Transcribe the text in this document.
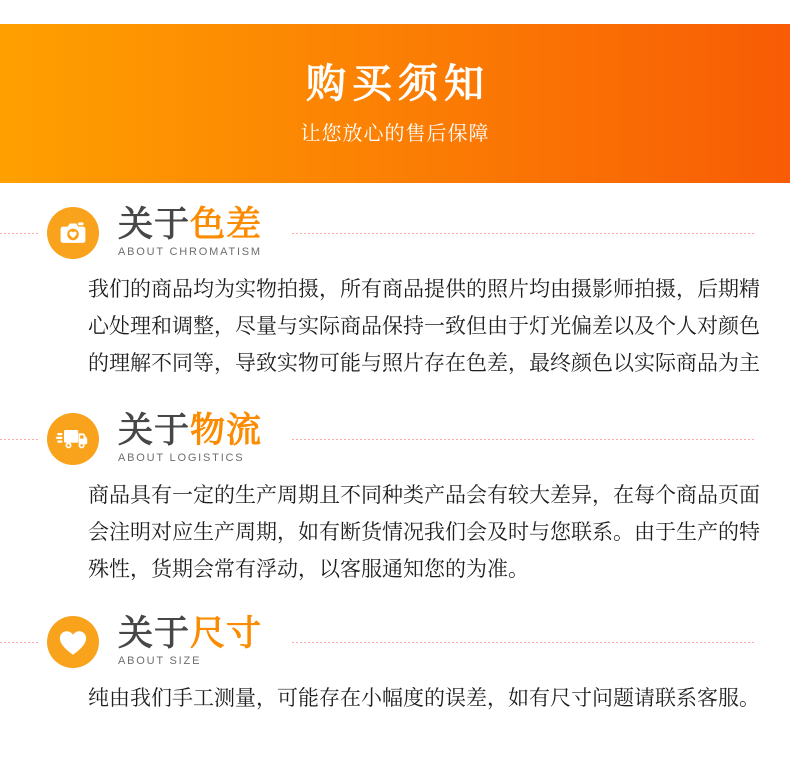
购买须知
让您放心的售后保障
关于色差
ABOUT CHROMATISM
我们的商品均为实物拍摄，所有商品提供的照片均由摄影师拍摄，后期精
心处理和调整，尽量与实际商品保持一致但由于灯光偏差以及个人对颜色
的理解不同等，导致实物可能与照片存在色差，最终颜色以实际商品为主
关于物流
ABOUT LOGISTICS
商品具有一定的生产周期且不同种类产品会有较大差异，在每个商品页面
会注明对应生产周期，如有断货情况我们会及时与您联系。由于生产的特
殊性，货期会常有浮动，以客服通知您的为准。
关于尺寸
ABOUT SIZE
纯由我们手工测量，可能存在小幅度的误差，如有尺寸问题请联系客服。
